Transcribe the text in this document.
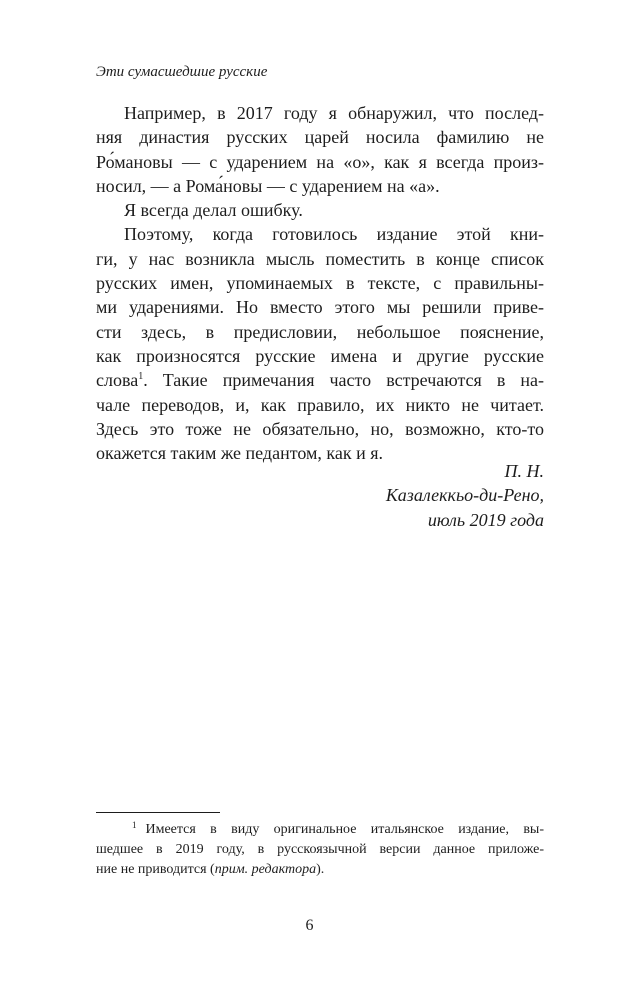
Эти сумасшедшие русские
Например, в 2017 году я обнаружил, что послед-
няя династия русских царей носила фамилию не
Ро́мановы — с ударением на «о», как я всегда произ-
носил, — а Рома́новы — с ударением на «а».
Я всегда делал ошибку.
Поэтому, когда готовилось издание этой кни-
ги, у нас возникла мысль поместить в конце список
русских имен, упоминаемых в тексте, с правильны-
ми ударениями. Но вместо этого мы решили приве-
сти здесь, в предисловии, небольшое пояснение,
как произносятся русские имена и другие русские
слова$^1$. Такие примечания часто встречаются в на-
чале переводов, и, как правило, их никто не читает.
Здесь это тоже не обязательно, но, возможно, кто-то
окажется таким же педантом, как и я.
П. Н.
Казалеккьо-ди-Рено,
июль 2019 года
$^1$ Имеется в виду оригинальное итальянское издание, вы-
шедшее в 2019 году, в русскоязычной версии данное приложе-
ние не приводится (прим. редактора).
6
